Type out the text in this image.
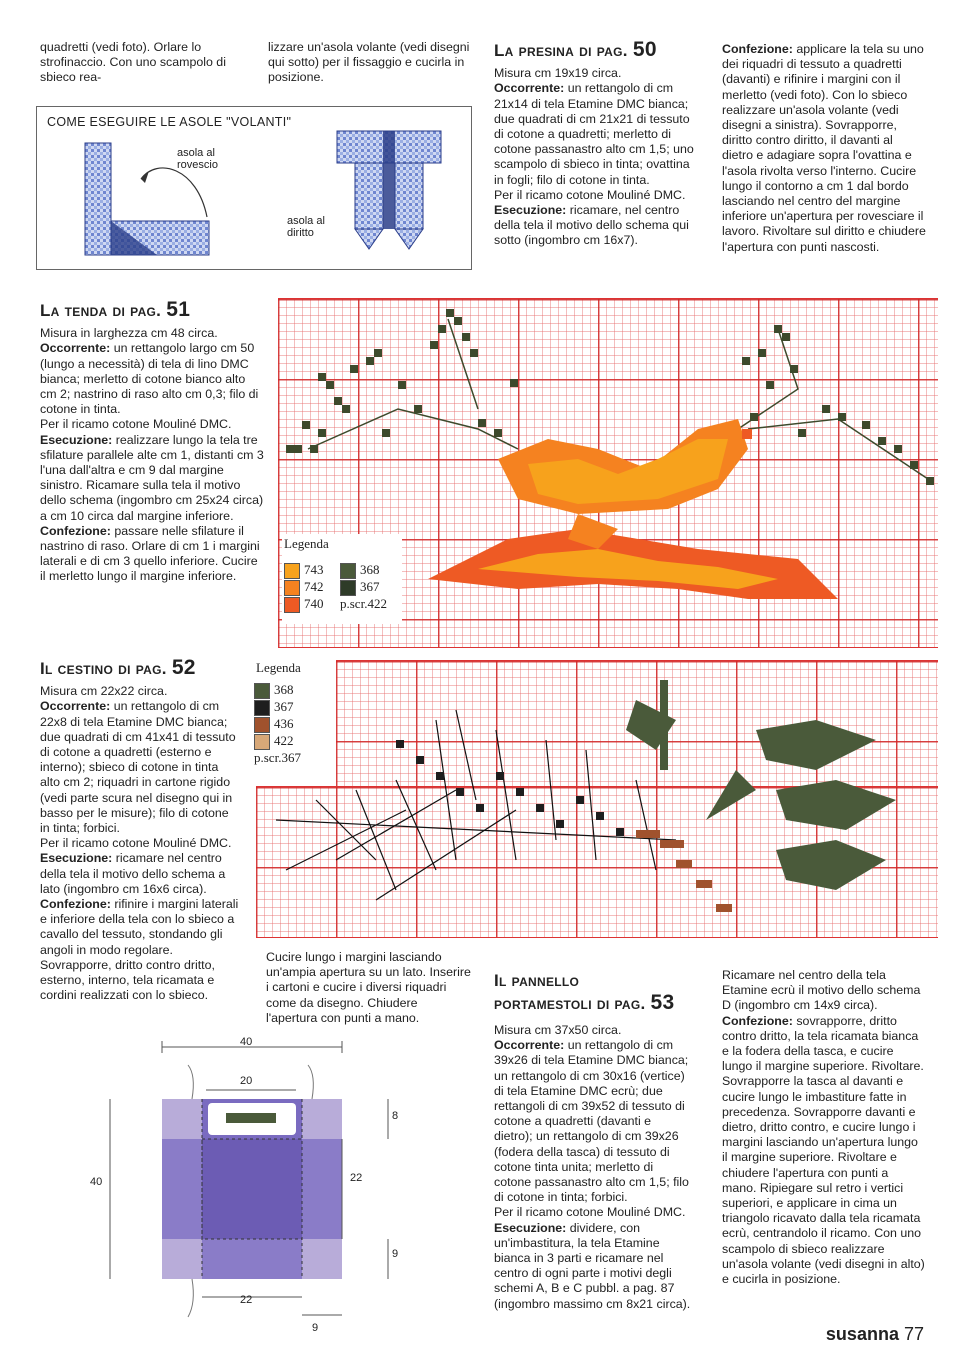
quadretti (vedi foto). Orlare lo strofinaccio. Con uno scampolo di sbieco rea-

lizzare un'asola volante (vedi disegni qui sotto) per il fissaggio e cucirla in posizione.

COME ESEGUIRE LE ASOLE "VOLANTI"
asola al rovescio
asola al diritto
La presina di pag. 50

Misura cm 19x19 circa.

Occorrente: un rettangolo di cm 21x14 di tela Etamine DMC bianca; due quadrati di cm 21x21 di tessuto di cotone a quadretti; merletto di cotone passanastro alto cm 1,5; uno scampolo di sbieco in tinta; ovattina in fogli; filo di cotone in tinta.

Per il ricamo cotone Mouliné DMC.

Esecuzione: ricamare, nel centro della tela il motivo dello schema qui sotto (ingombro cm 16x7).

Confezione: applicare la tela su uno dei riquadri di tessuto a quadretti (davanti) e rifinire i margini con il merletto (vedi foto). Con lo sbieco realizzare un'asola volante (vedi disegni a sinistra). Sovrapporre, diritto contro diritto, il davanti al dietro e adagiare sopra l'ovattina e l'asola rivolta verso l'interno. Cucire lungo il contorno a cm 1 dal bordo lasciando nel centro del margine inferiore un'apertura per rovesciare il lavoro. Rivoltare sul diritto e chiudere l'apertura con punti nascosti.

La tenda di pag. 51

Misura in larghezza cm 48 circa.

Occorrente: un rettangolo largo cm 50 (lungo a necessità) di tela di lino DMC bianca; merletto di cotone bianco alto cm 2; nastrino di raso alto cm 0,3; filo di cotone in tinta.

Per il ricamo cotone Mouliné DMC.

Esecuzione: realizzare lungo la tela tre sfilature parallele alte cm 1, distanti cm 3 l'una dall'altra e cm 9 dal margine sinistro. Ricamare sulla tela il motivo dello schema (ingombro cm 25x24 circa) a cm 10 circa dal margine inferiore.

Confezione: passare nelle sfilature il nastrino di raso. Orlare di cm 1 i margini laterali e di cm 3 quello inferiore. Cucire il merletto lungo il margine inferiore.

Legenda
743
742
740
368
367
p.scr.422
Il cestino di pag. 52

Misura cm 22x22 circa.

Occorrente: un rettangolo di cm 22x8 di tela Etamine DMC bianca; due quadrati di cm 41x41 di tessuto di cotone a quadretti (esterno e interno); sbieco di cotone in tinta alto cm 2; riquadri in cartone rigido (vedi parte scura nel disegno qui in basso per le misure); filo di cotone in tinta; forbici.

Per il ricamo cotone Mouliné DMC.

Esecuzione: ricamare nel centro della tela il motivo dello schema a lato (ingombro cm 16x6 circa).

Confezione: rifinire i margini laterali e inferiore della tela con lo sbieco a cavallo del tessuto, stondando gli angoli in modo regolare. Sovrapporre, dritto contro dritto, esterno, interno, tela ricamata e cordini realizzati con lo sbieco.

Cucire lungo i margini lasciando un'ampia apertura su un lato. Inserire i cartoni e cucire i diversi riquadri come da disegno. Chiudere l'apertura con punti a mano.

Legenda
368
367
436
422
p.scr.367
40
20
40
8
22
9
22
9
Il pannello
portamestoli di pag. 53

Misura cm 37x50 circa.

Occorrente: un rettangolo di cm 39x26 di tela Etamine DMC bianca; un rettangolo di cm 30x16 (vertice) di tela Etamine DMC ecrù; due rettangoli di cm 39x52 di tessuto di cotone a quadretti (davanti e dietro); un rettangolo di cm 39x26 (fodera della tasca) di tessuto di cotone tinta unita; merletto di cotone passanastro alto cm 1,5; filo di cotone in tinta; forbici.

Per il ricamo cotone Mouliné DMC.

Esecuzione: dividere, con un'imbastitura, la tela Etamine bianca in 3 parti e ricamare nel centro di ogni parte i motivi degli schemi A, B e C pubbl. a pag. 87 (ingombro massimo cm 8x21 circa).

Ricamare nel centro della tela Etamine ecrù il motivo dello schema D (ingombro cm 14x9 circa).

Confezione: sovrapporre, dritto contro dritto, la tela ricamata bianca e la fodera della tasca, e cucire lungo il margine superiore. Rivoltare. Sovrapporre la tasca al davanti e cucire lungo le imbastiture fatte in precedenza. Sovrapporre davanti e dietro, dritto contro, e cucire lungo i margini lasciando un'apertura lungo il margine superiore. Rivoltare e chiudere l'apertura con punti a mano. Ripiegare sul retro i vertici superiori, e applicare in cima un triangolo ricavato dalla tela ricamata ecrù, centrandolo il ricamo. Con uno scampolo di sbieco realizzare un'asola volante (vedi disegni in alto) e cucirla in posizione.

susanna 77
